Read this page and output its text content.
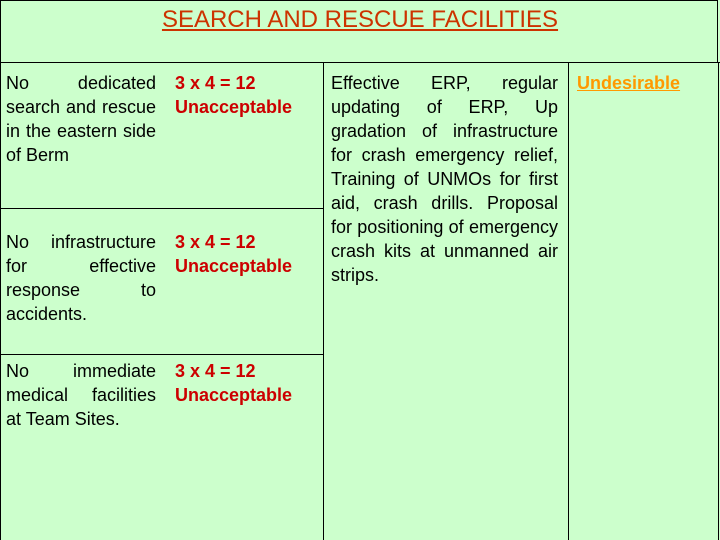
SEARCH AND RESCUE FACILITIES
No dedicated search and rescue in the eastern side of Berm
3 x 4 = 12
Unacceptable
No infrastructure for effective response to accidents.
3 x 4 = 12
Unacceptable
No immediate medical facilities at Team Sites.
3 x 4 = 12
Unacceptable
Effective ERP, regular updating of ERP, Up gradation of infrastructure for crash emergency relief, Training of UNMOs for first aid, crash drills. Proposal for positioning of emergency crash kits at unmanned air strips.
Undesirable
